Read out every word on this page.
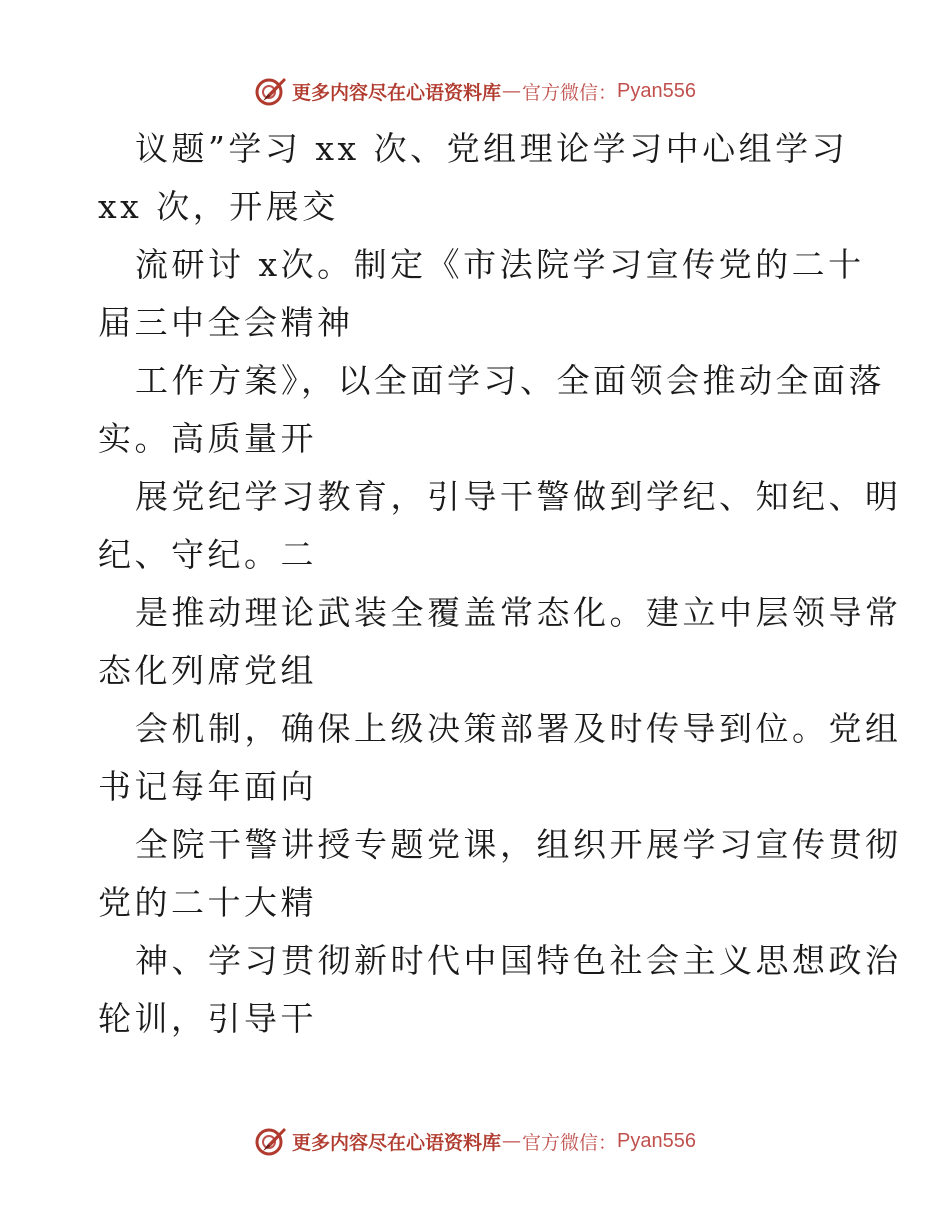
更多内容尽在心语资料库 — 官方微信： Pyan556
议题”学习 xx 次、党组理论学习中心组学习
xx 次，开展交
流研讨 x次。制定《市法院学习宣传党的二十
届三中全会精神
工作方案》，以全面学习、全面领会推动全面落
实。高质量开
展党纪学习教育，引导干警做到学纪、知纪、明
纪、守纪。二
是推动理论武装全覆盖常态化。建立中层领导常
态化列席党组
会机制，确保上级决策部署及时传导到位。党组
书记每年面向
全院干警讲授专题党课，组织开展学习宣传贯彻
党的二十大精
神、学习贯彻新时代中国特色社会主义思想政治
轮训，引导干
更多内容尽在心语资料库 — 官方微信： Pyan556
